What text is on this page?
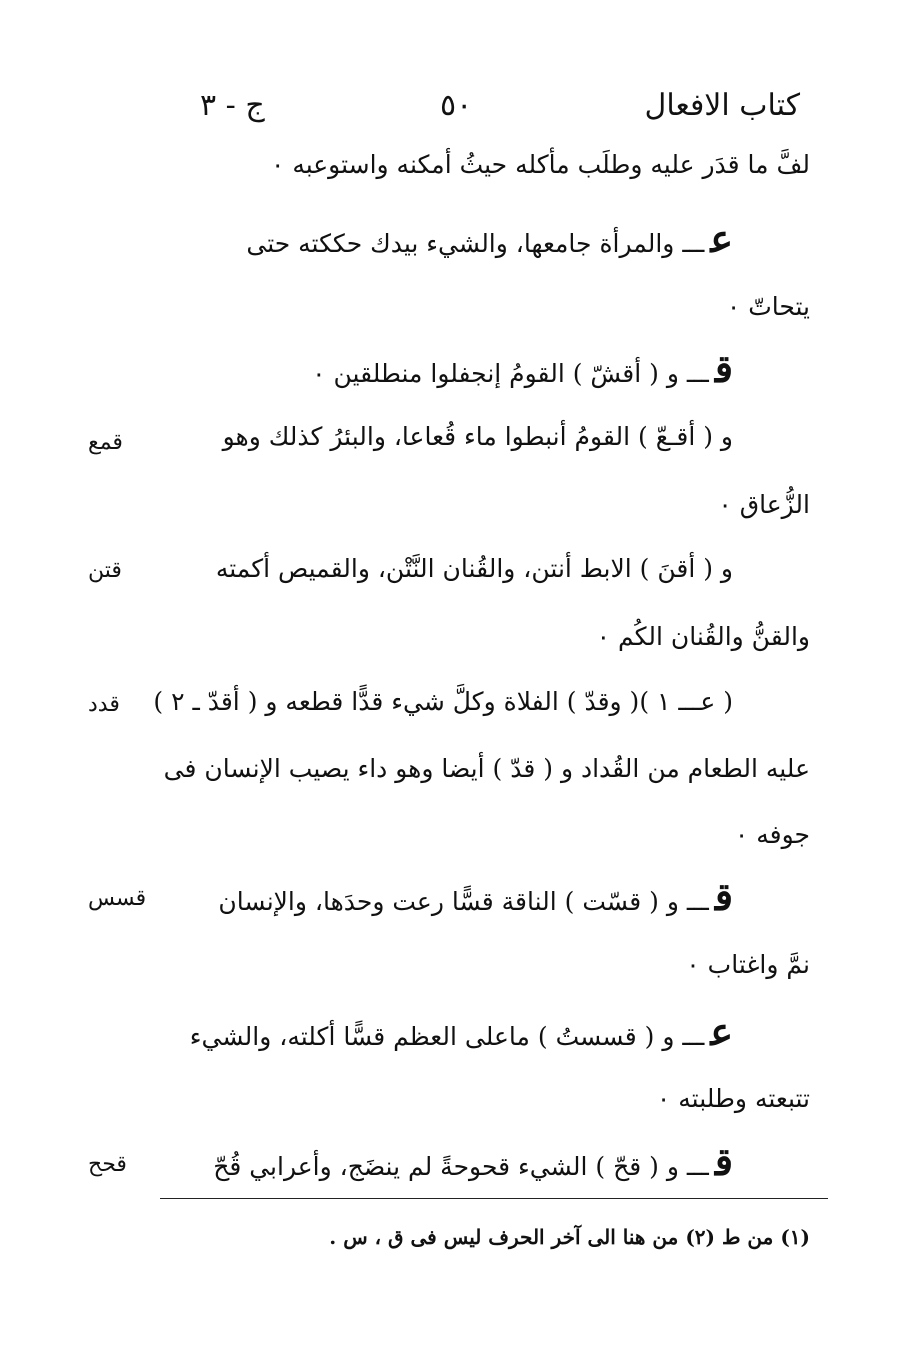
كتاب الافعال
٥٠
ج - ٣
لفَّ ما قدَر عليه وطلَب مأكله حيثُ أمكنه واستوعبه ٠
عـــ والمرأة جامعها، والشيء بيدك حككته حتى
يتحاتّ ٠
قـــ و ( أقشّ ) القومُ إنجفلوا منطلقين ٠
و ( أقـعّ ) القومُ أنبطوا ماء قُعاعا، والبئرُ كذلك وهو
الزُّعاق ٠
و ( أقنَ ) الابط أنتن، والقُنان النَّتْن، والقميص أكمته
والقنُّ والقُنان الكُم ٠
( عـــ ١ )( وقدّ ) الفلاة وكلَّ شيء قدًّا قطعه و ( أقدّ ـ ٢ )
عليه الطعام من القُداد و ( قدّ ) أيضا وهو داء يصيب الإنسان فى
جوفه ٠
قـــ و ( قسّت ) الناقة قسًّا رعت وحدَها، والإنسان
نمَّ واغتاب ٠
عـــ و ( قسستُ ) ماعلى العظم قسًّا أكلته، والشيء
تتبعته وطلبته ٠
قـــ و ( قحّ ) الشيء قحوحةً لم ينضَج، وأعرابي قُحّ
قمع
قتن
قدد
قسس
قحح
(١) من ط (٢) من هنا الى آخر الحرف ليس فى ق ، س .
